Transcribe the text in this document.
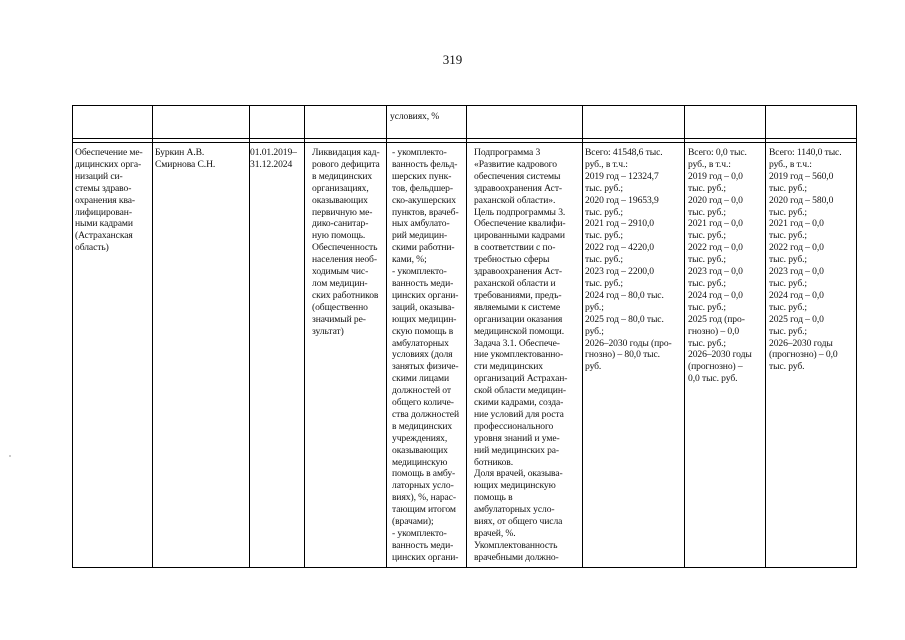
319
условиях, %
Обеспечение ме-
дицинских орга-
низаций си-
стемы здраво-
охранения ква-
лифицирован-
ными кадрами
(Астраханская
область)
Буркин А.В.
Смирнова С.Н.
01.01.2019–
31.12.2024
Ликвидация кад-
рового дефицита
в медицинских
организациях,
оказывающих
первичную ме-
дико-санитар-
ную помощь.
Обеспеченность
населения необ-
ходимым чис-
лом медицин-
ских работников
(общественно
значимый ре-
зультат)
- укомплекто-
ванность фельд-
шерских пунк-
тов, фельдшер-
ско-акушерских
пунктов, врачеб-
ных амбулато-
рий медицин-
скими работни-
ками, %;
- укомплекто-
ванность меди-
цинских органи-
заций, оказыва-
ющих медицин-
скую помощь в
амбулаторных
условиях (доля
занятых физиче-
скими лицами
должностей от
общего количе-
ства должностей
в медицинских
учреждениях,
оказывающих
медицинскую
помощь в амбу-
латорных усло-
виях), %, нарас-
тающим итогом
(врачами);
- укомплекто-
ванность меди-
цинских органи-
Подпрограмма 3
«Развитие кадрового
обеспечения системы
здравоохранения Аст-
раханской области».
Цель подпрограммы 3.
Обеспечение квалифи-
цированными кадрами
в соответствии с по-
требностью сферы
здравоохранения Аст-
раханской области и
требованиями, предъ-
являемыми к системе
организации оказания
медицинской помощи.
Задача 3.1. Обеспече-
ние укомплектованно-
сти медицинских
организаций Астрахан-
ской области медицин-
скими кадрами, созда-
ние условий для роста
профессионального
уровня знаний и уме-
ний медицинских ра-
ботников.
Доля врачей, оказыва-
ющих медицинскую
помощь в
амбулаторных усло-
виях, от общего числа
врачей, %.
Укомплектованность
врачебными должно-
Всего: 41548,6 тыс.
руб., в т.ч.:
2019 год – 12324,7
тыс. руб.;
2020 год – 19653,9
тыс. руб.;
2021 год – 2910,0
тыс. руб.;
2022 год – 4220,0
тыс. руб.;
2023 год – 2200,0
тыс. руб.;
2024 год – 80,0 тыс.
руб.;
2025 год – 80,0 тыс.
руб.;
2026–2030 годы (про-
гнозно) – 80,0 тыс.
руб.
Всего: 0,0 тыс.
руб., в т.ч.:
2019 год – 0,0
тыс. руб.;
2020 год – 0,0
тыс. руб.;
2021 год – 0,0
тыс. руб.;
2022 год – 0,0
тыс. руб.;
2023 год – 0,0
тыс. руб.;
2024 год – 0,0
тыс. руб.;
2025 год (про-
гнозно) – 0,0
тыс. руб.;
2026–2030 годы
(прогнозно) –
0,0 тыс. руб.
Всего: 1140,0 тыс.
руб., в т.ч.:
2019 год – 560,0
тыс. руб.;
2020 год – 580,0
тыс. руб.;
2021 год – 0,0
тыс. руб.;
2022 год – 0,0
тыс. руб.;
2023 год – 0,0
тыс. руб.;
2024 год – 0,0
тыс. руб.;
2025 год – 0,0
тыс. руб.;
2026–2030 годы
(прогнозно) – 0,0
тыс. руб.
